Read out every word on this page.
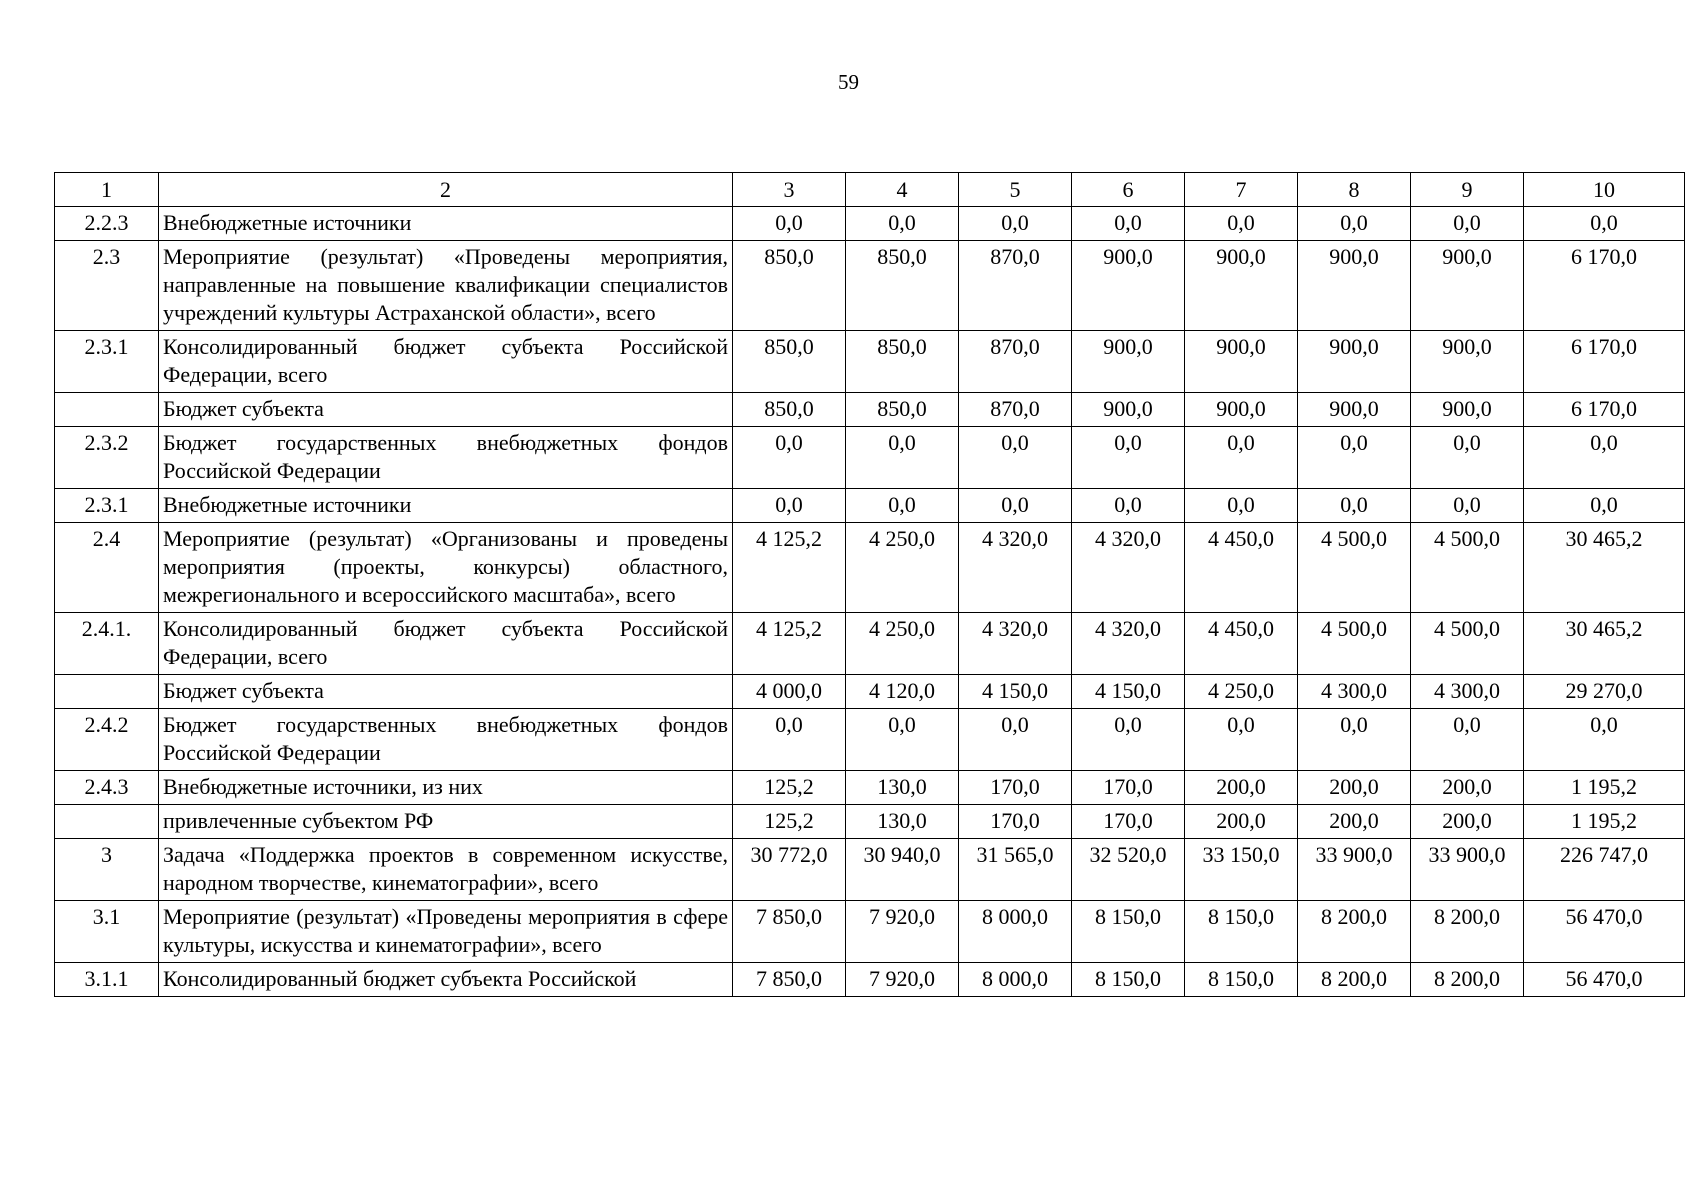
59
1	2	3	4	5	6	7	8	9	10
2.2.3	Внебюджетные источники	0,0	0,0	0,0	0,0	0,0	0,0	0,0	0,0
2.3	Мероприятие (результат) «Проведены мероприятия, направленные на повышение квалификации специалистов учреждений культуры Астраханской области», всего	850,0	850,0	870,0	900,0	900,0	900,0	900,0	6 170,0
2.3.1	Консолидированный бюджет субъекта Российской Федерации, всего	850,0	850,0	870,0	900,0	900,0	900,0	900,0	6 170,0
	Бюджет субъекта	850,0	850,0	870,0	900,0	900,0	900,0	900,0	6 170,0
2.3.2	Бюджет государственных внебюджетных фондов Российской Федерации	0,0	0,0	0,0	0,0	0,0	0,0	0,0	0,0
2.3.1	Внебюджетные источники	0,0	0,0	0,0	0,0	0,0	0,0	0,0	0,0
2.4	Мероприятие (результат) «Организованы и проведены мероприятия (проекты, конкурсы) областного, межрегионального и всероссийского масштаба», всего	4 125,2	4 250,0	4 320,0	4 320,0	4 450,0	4 500,0	4 500,0	30 465,2
2.4.1.	Консолидированный бюджет субъекта Российской Федерации, всего	4 125,2	4 250,0	4 320,0	4 320,0	4 450,0	4 500,0	4 500,0	30 465,2
	Бюджет субъекта	4 000,0	4 120,0	4 150,0	4 150,0	4 250,0	4 300,0	4 300,0	29 270,0
2.4.2	Бюджет государственных внебюджетных фондов Российской Федерации	0,0	0,0	0,0	0,0	0,0	0,0	0,0	0,0
2.4.3	Внебюджетные источники, из них	125,2	130,0	170,0	170,0	200,0	200,0	200,0	1 195,2
	привлеченные субъектом РФ	125,2	130,0	170,0	170,0	200,0	200,0	200,0	1 195,2
3	Задача «Поддержка проектов в современном искусстве, народном творчестве, кинематографии», всего	30 772,0	30 940,0	31 565,0	32 520,0	33 150,0	33 900,0	33 900,0	226 747,0
3.1	Мероприятие (результат) «Проведены мероприятия в сфере культуры, искусства и кинематографии», всего	7 850,0	7 920,0	8 000,0	8 150,0	8 150,0	8 200,0	8 200,0	56 470,0
3.1.1	Консолидированный бюджет субъекта Российской	7 850,0	7 920,0	8 000,0	8 150,0	8 150,0	8 200,0	8 200,0	56 470,0
